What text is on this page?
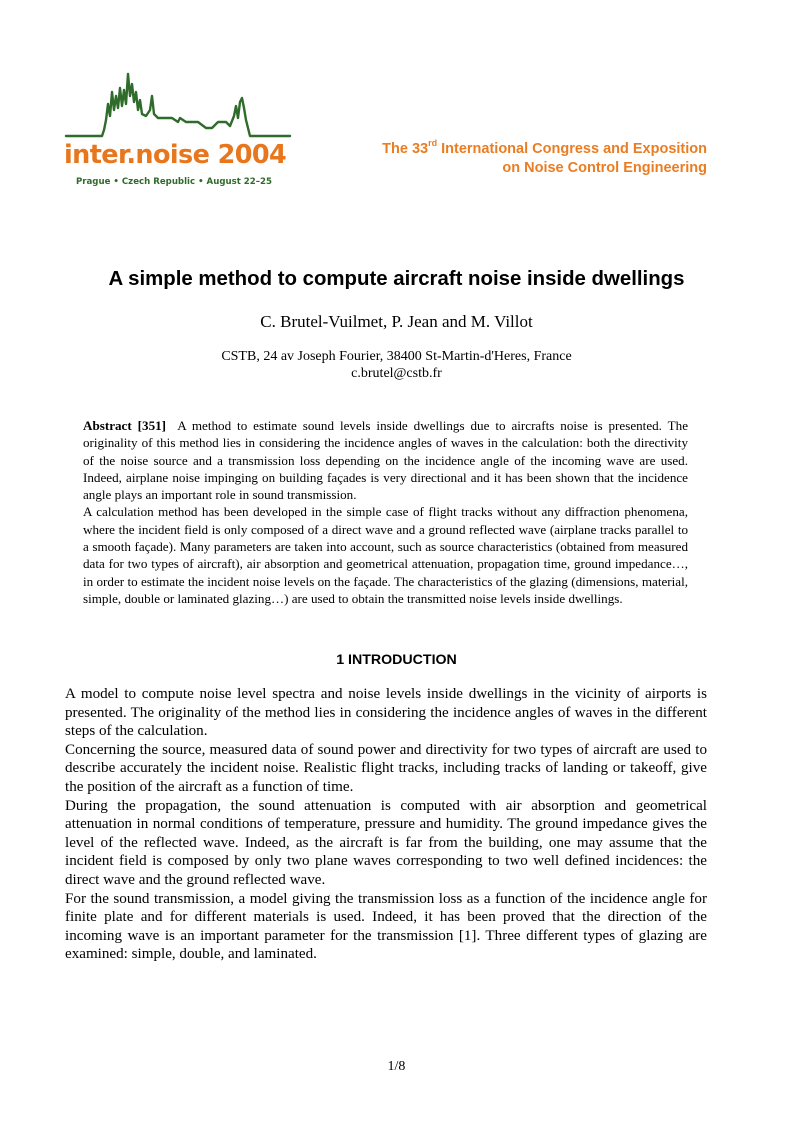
inter.noise 2004
Prague • Czech Republic • August 22–25
The 33rd International Congress and Exposition
on Noise Control Engineering
A simple method to compute aircraft noise inside dwellings
C. Brutel-Vuilmet, P. Jean and M. Villot
CSTB, 24 av Joseph Fourier, 38400 St-Martin-d'Heres, France
c.brutel@cstb.fr

Abstract [351] A method to estimate sound levels inside dwellings due to aircrafts noise is presented. The originality of this method lies in considering the incidence angles of waves in the calculation: both the directivity of the noise source and a transmission loss depending on the incidence angle of the incoming wave are used. Indeed, airplane noise impinging on building façades is very directional and it has been shown that the incidence angle plays an important role in sound transmission.

A calculation method has been developed in the simple case of flight tracks without any diffraction phenomena, where the incident field is only composed of a direct wave and a ground reflected wave (airplane tracks parallel to a smooth façade). Many parameters are taken into account, such as source characteristics (obtained from measured data for two types of aircraft), air absorption and geometrical attenuation, propagation time, ground impedance…, in order to estimate the incident noise levels on the façade. The characteristics of the glazing (dimensions, material, simple, double or laminated glazing…) are used to obtain the transmitted noise levels inside dwellings.

1 INTRODUCTION

A model to compute noise level spectra and noise levels inside dwellings in the vicinity of airports is presented. The originality of the method lies in considering the incidence angles of waves in the different steps of the calculation.

Concerning the source, measured data of sound power and directivity for two types of aircraft are used to describe accurately the incident noise. Realistic flight tracks, including tracks of landing or takeoff, give the position of the aircraft as a function of time.

During the propagation, the sound attenuation is computed with air absorption and geometrical attenuation in normal conditions of temperature, pressure and humidity. The ground impedance gives the level of the reflected wave. Indeed, as the aircraft is far from the building, one may assume that the incident field is composed by only two plane waves corresponding to two well defined incidences: the direct wave and the ground reflected wave.

For the sound transmission, a model giving the transmission loss as a function of the incidence angle for finite plate and for different materials is used. Indeed, it has been proved that the direction of the incoming wave is an important parameter for the transmission [1]. Three different types of glazing are examined: simple, double, and laminated.

1/8
